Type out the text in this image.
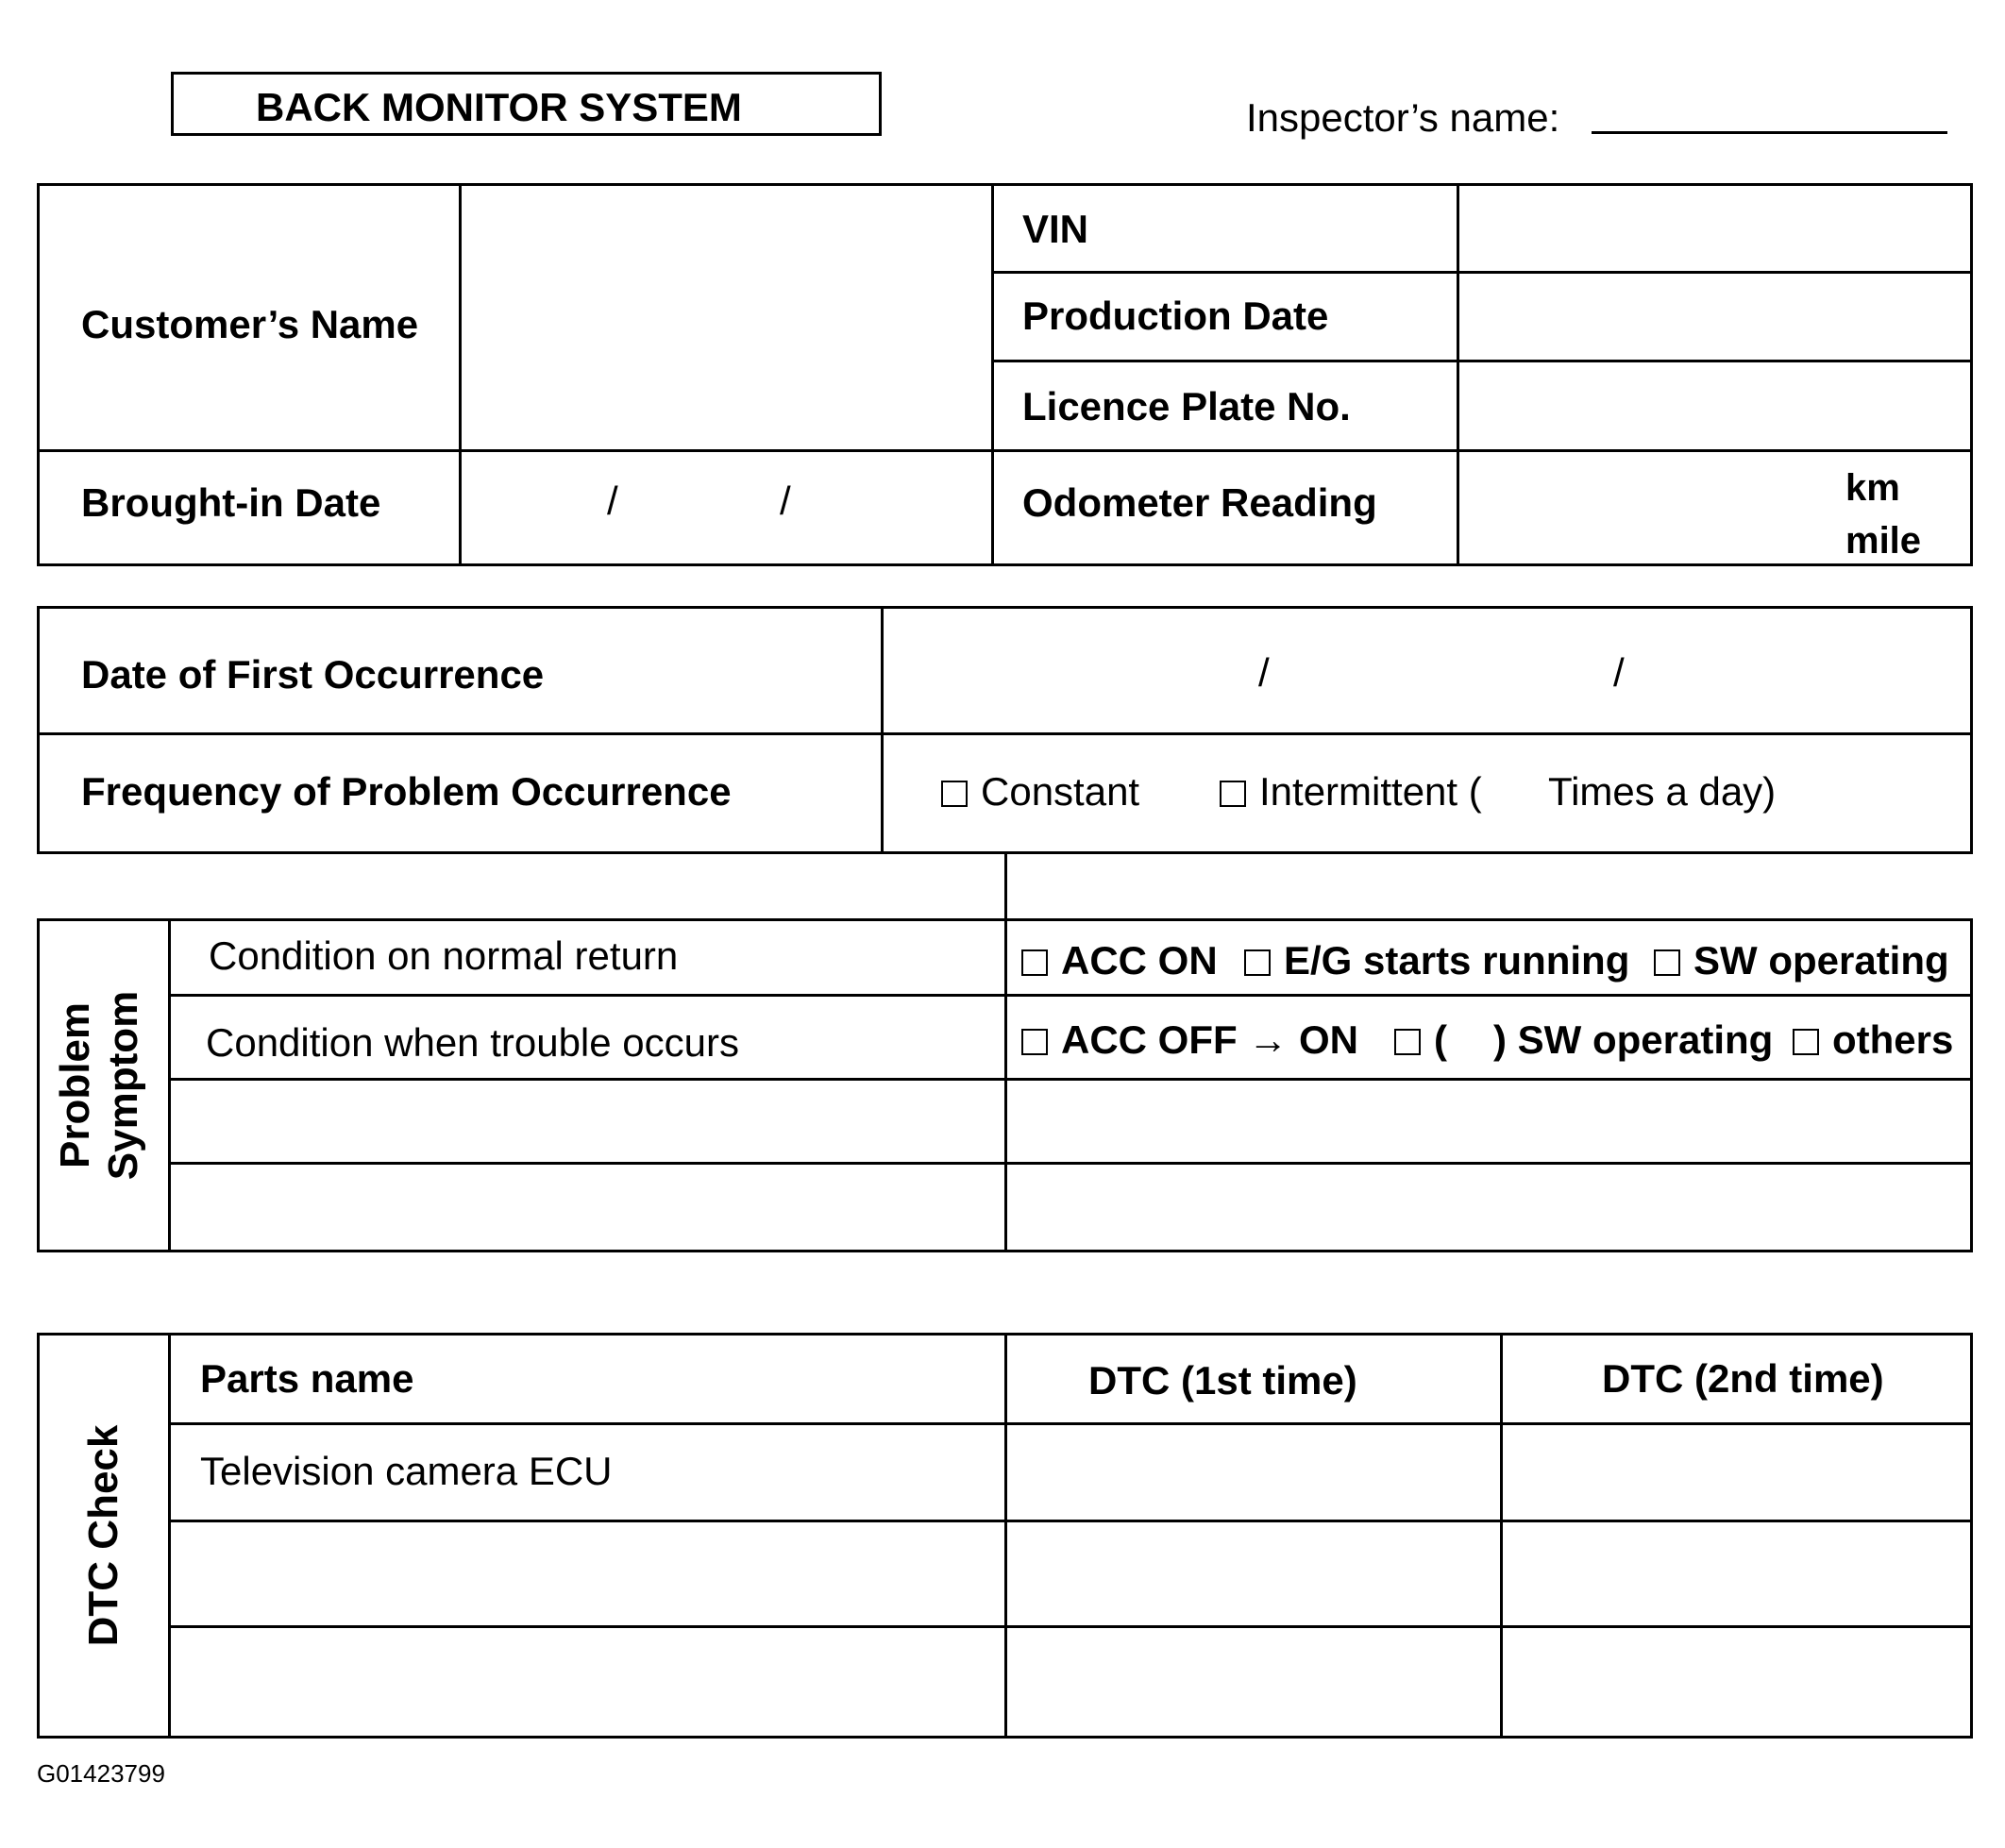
BACK MONITOR SYSTEM	Inspector’s name:
Customer’s Name
VIN
Production Date
Licence Plate No.
Brought-in Date	/	/	Odometer Reading	km
mile
Date of First Occurrence	/	/
Frequency of Problem Occurrence	Constant	Intermittent ( Times a day)
Problem Symptom
Condition on normal return	ACC ON	E/G starts running	SW operating
Condition when trouble occurs	ACC OFF → ON	( ) SW operating	others
DTC Check
Parts name	DTC (1st time)	DTC (2nd time)
Television camera ECU
G01423799
